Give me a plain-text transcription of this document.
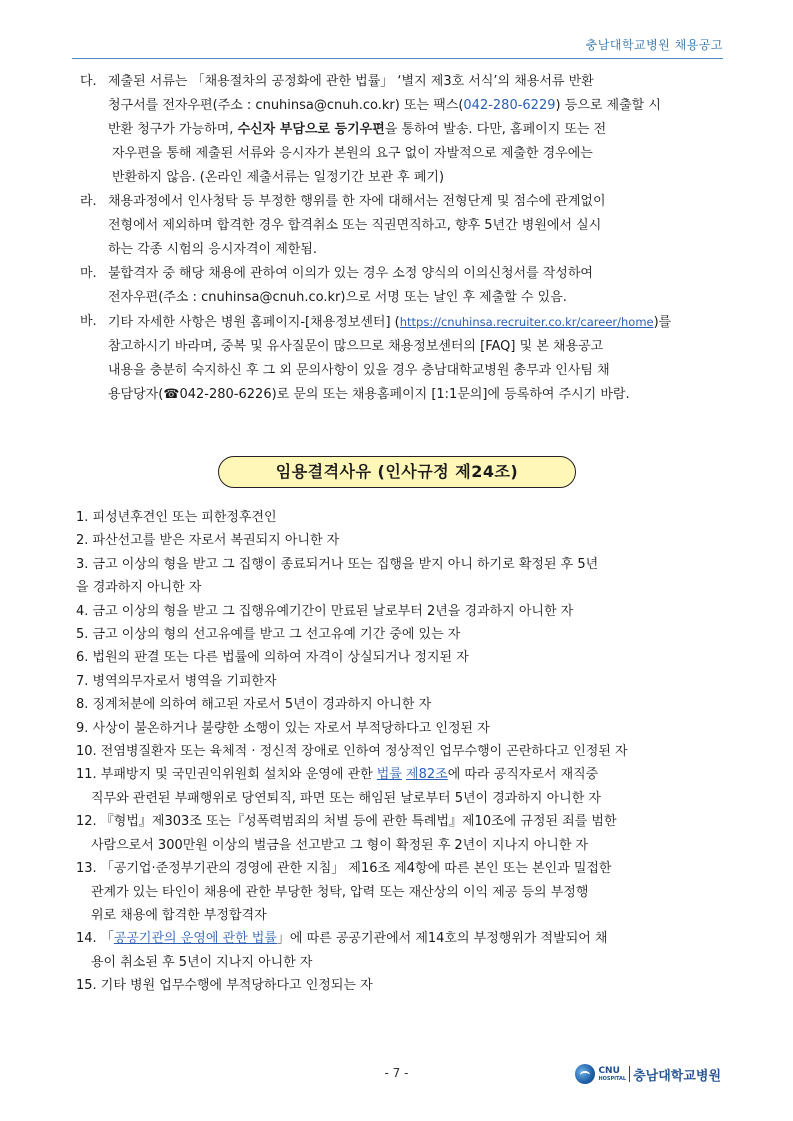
충남대학교병원 채용공고
다. 제출된 서류는 「채용절차의 공정화에 관한 법률」 ‘별지 제3호 서식’의 채용서류 반환
청구서를 전자우편(주소 : cnuhinsa@cnuh.co.kr) 또는 팩스(042-280-6229) 등으로 제출할 시
반환 청구가 가능하며, 수신자 부담으로 등기우편을 통하여 발송. 다만, 홈페이지 또는 전
자우편을 통해 제출된 서류와 응시자가 본원의 요구 없이 자발적으로 제출한 경우에는
반환하지 않음. (온라인 제출서류는 일정기간 보관 후 폐기)
라. 채용과정에서 인사청탁 등 부정한 행위를 한 자에 대해서는 전형단계 및 점수에 관계없이
전형에서 제외하며 합격한 경우 합격취소 또는 직권면직하고, 향후 5년간 병원에서 실시
하는 각종 시험의 응시자격이 제한됨.
마. 불합격자 중 해당 채용에 관하여 이의가 있는 경우 소정 양식의 이의신청서를 작성하여
전자우편(주소 : cnuhinsa@cnuh.co.kr)으로 서명 또는 날인 후 제출할 수 있음.
바. 기타 자세한 사항은 병원 홈페이지-[채용정보센터] (https://cnuhinsa.recruiter.co.kr/career/home)를
참고하시기 바라며, 중복 및 유사질문이 많으므로 채용정보센터의 [FAQ] 및 본 채용공고
내용을 충분히 숙지하신 후 그 외 문의사항이 있을 경우 충남대학교병원 총무과 인사팀 채
용담당자(☎042-280-6226)로 문의 또는 채용홈페이지 [1:1문의]에 등록하여 주시기 바람.
임용결격사유 (인사규정 제24조)
1. 피성년후견인 또는 피한정후견인
2. 파산선고를 받은 자로서 복권되지 아니한 자
3. 금고 이상의 형을 받고 그 집행이 종료되거나 또는 집행을 받지 아니 하기로 확정된 후 5년
을 경과하지 아니한 자
4. 금고 이상의 형을 받고 그 집행유예기간이 만료된 날로부터 2년을 경과하지 아니한 자
5. 금고 이상의 형의 선고유예를 받고 그 선고유예 기간 중에 있는 자
6. 법원의 판결 또는 다른 법률에 의하여 자격이 상실되거나 정지된 자
7. 병역의무자로서 병역을 기피한자
8. 징계처분에 의하여 해고된 자로서 5년이 경과하지 아니한 자
9. 사상이 불온하거나 불량한 소행이 있는 자로서 부적당하다고 인정된 자
10. 전염병질환자 또는 육체적 · 정신적 장애로 인하여 정상적인 업무수행이 곤란하다고 인정된 자
11. 부패방지 및 국민권익위원회 설치와 운영에 관한 법률 제82조에 따라 공직자로서 재직중
직무와 관련된 부패행위로 당연퇴직, 파면 또는 해임된 날로부터 5년이 경과하지 아니한 자
12. 『형법』제303조 또는『성폭력범죄의 처벌 등에 관한 특례법』제10조에 규정된 죄를 범한
사람으로서 300만원 이상의 벌금을 선고받고 그 형이 확정된 후 2년이 지나지 아니한 자
13. 「공기업·준정부기관의 경영에 관한 지침」 제16조 제4항에 따른 본인 또는 본인과 밀접한
관계가 있는 타인이 채용에 관한 부당한 청탁, 압력 또는 재산상의 이익 제공 등의 부정행
위로 채용에 합격한 부정합격자
14. 「공공기관의 운영에 관한 법률」에 따른 공공기관에서 제14호의 부정행위가 적발되어 채
용이 취소된 후 5년이 지나지 아니한 자
15. 기타 병원 업무수행에 부적당하다고 인정되는 자
- 7 -	CNU
HOSPITAL 충남대학교병원
